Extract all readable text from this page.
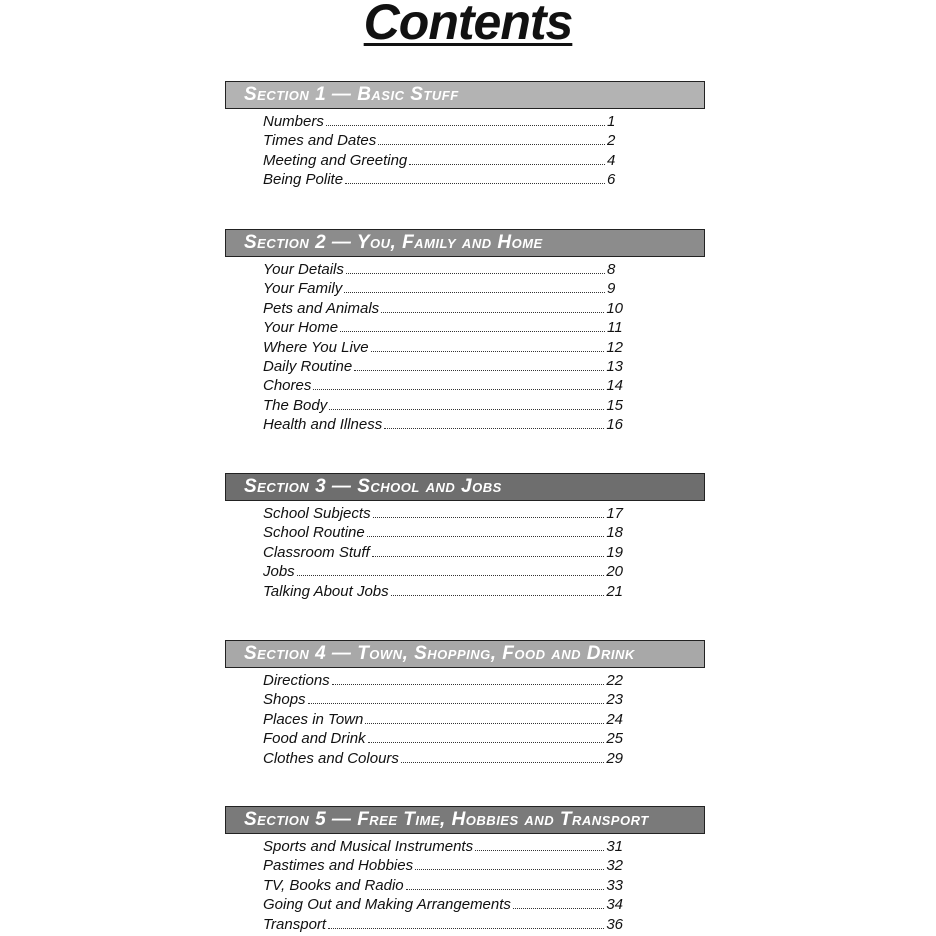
Contents
Section 1 — Basic Stuff
Numbers	1
Times and Dates	2
Meeting and Greeting	4
Being Polite	6
Section 2 — You, Family and Home
Your Details	8
Your Family	9
Pets and Animals	10
Your Home	11
Where You Live	12
Daily Routine	13
Chores	14
The Body	15
Health and Illness	16
Section 3 — School and Jobs
School Subjects	17
School Routine	18
Classroom Stuff	19
Jobs	20
Talking About Jobs	21
Section 4 — Town, Shopping, Food and Drink
Directions	22
Shops	23
Places in Town	24
Food and Drink	25
Clothes and Colours	29
Section 5 — Free Time, Hobbies and Transport
Sports and Musical Instruments	31
Pastimes and Hobbies	32
TV, Books and Radio	33
Going Out and Making Arrangements	34
Transport	36
